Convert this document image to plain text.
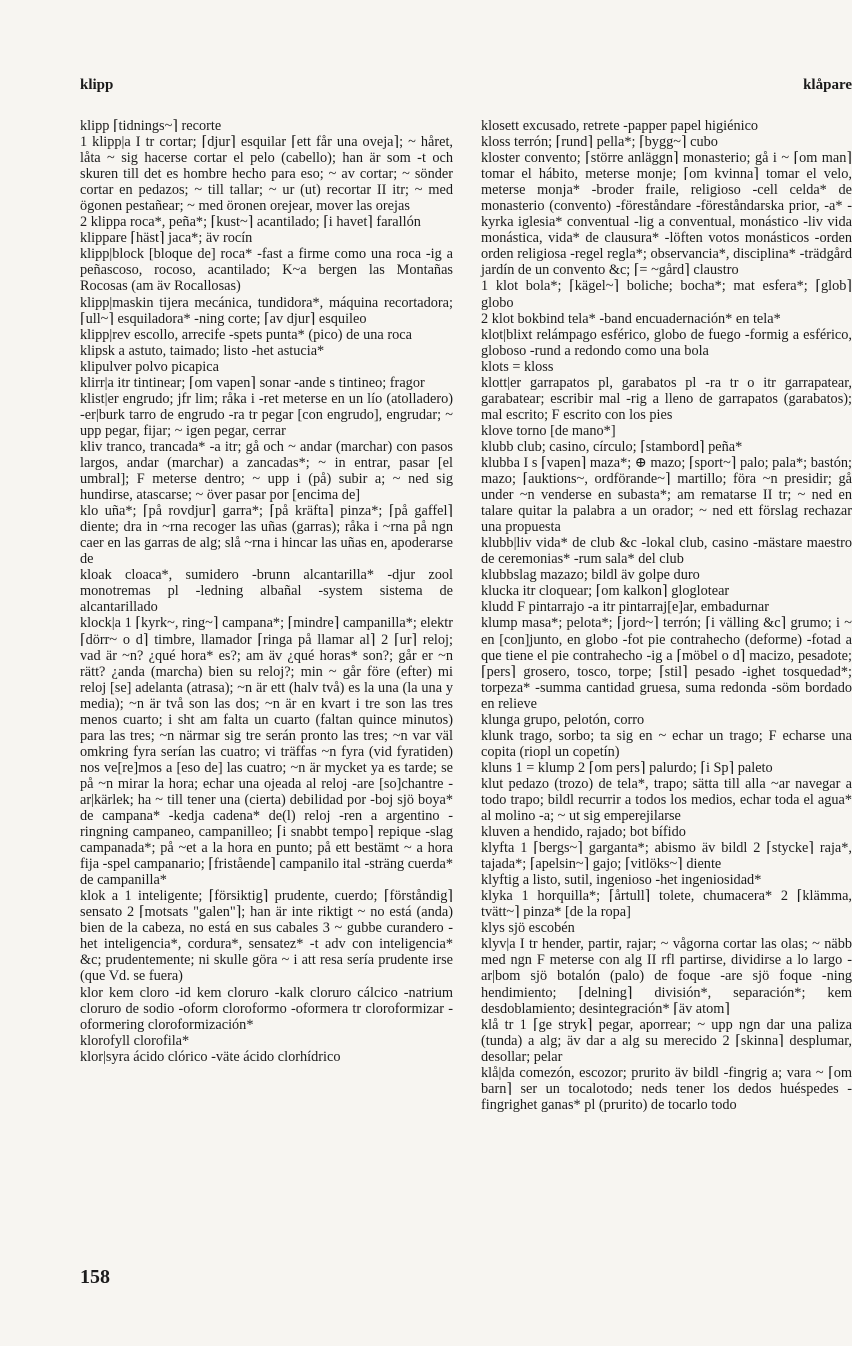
klipp	klåpare

klipp ⌈tidnings~⌉ recorte

1 klipp|a I tr cortar; ⌈djur⌉ esquilar ⌈ett får una oveja⌉; ~ håret, låta ~ sig hacerse cortar el pelo (cabello); han är som -t och skuren till det es hombre hecho para eso; ~ av cortar; ~ sönder cortar en pedazos; ~ till tallar; ~ ur (ut) recortar II itr; ~ med ögonen pestañear; ~ med öronen orejear, mover las orejas

2 klippa roca*, peña*; ⌈kust~⌉ acantilado; ⌈i havet⌉ farallón

klippare ⌈häst⌉ jaca*; äv rocín

klipp|block [bloque de] roca* -fast a firme como una roca -ig a peñascoso, rocoso, acantilado; K~a bergen las Montañas Rocosas (am äv Rocallosas)

klipp|maskin tijera mecánica, tundidora*, máquina recortadora; ⌈ull~⌉ esquiladora* -ning corte; ⌈av djur⌉ esquileo

klipp|rev escollo, arrecife -spets punta* (pico) de una roca

klipsk a astuto, taimado; listo -het astucia*

klipulver polvo picapica

klirr|a itr tintinear; ⌈om vapen⌉ sonar -ande s tintineo; fragor

klist|er engrudo; jfr lim; råka i -ret meterse en un lío (atolladero) -er|burk tarro de engrudo -ra tr pegar [con engrudo], engrudar; ~ upp pegar, fijar; ~ igen pegar, cerrar

kliv tranco, trancada* -a itr; gå och ~ andar (marchar) con pasos largos, andar (marchar) a zancadas*; ~ in entrar, pasar [el umbral]; F meterse dentro; ~ upp i (på) subir a; ~ ned sig hundirse, atascarse; ~ över pasar por [encima de]

klo uña*; ⌈på rovdjur⌉ garra*; ⌈på kräfta⌉ pinza*; ⌈på gaffel⌉ diente; dra in ~rna recoger las uñas (garras); råka i ~rna på ngn caer en las garras de alg; slå ~rna i hincar las uñas en, apoderarse de

kloak cloaca*, sumidero -brunn alcantarilla* -djur zool monotremas pl -ledning albañal -system sistema de alcantarillado

klock|a 1 ⌈kyrk~, ring~⌉ campana*; ⌈mindre⌉ campanilla*; elektr ⌈dörr~ o d⌉ timbre, llamador ⌈ringa på llamar al⌉ 2 ⌈ur⌉ reloj; vad är ~n? ¿qué hora* es?; am äv ¿qué horas* son?; går er ~n rätt? ¿anda (marcha) bien su reloj?; min ~ går före (efter) mi reloj [se] adelanta (atrasa); ~n är ett (halv två) es la una (la una y media); ~n är två son las dos; ~n är en kvart i tre son las tres menos cuarto; i sht am falta un cuarto (faltan quince minutos) para las tres; ~n närmar sig tre serán pronto las tres; ~n var väl omkring fyra serían las cuatro; vi träffas ~n fyra (vid fyratiden) nos ve[re]mos a [eso de] las cuatro; ~n är mycket ya es tarde; se på ~n mirar la hora; echar una ojeada al reloj -are [so]chantre -ar|kärlek; ha ~ till tener una (cierta) debilidad por -boj sjö boya* de campana* -kedja cadena* de(l) reloj -ren a argentino -ringning campaneo, campanilleo; ⌈i snabbt tempo⌉ repique -slag campanada*; på ~et a la hora en punto; på ett bestämt ~ a hora fija -spel campanario; ⌈fristående⌉ campanilo ital -sträng cuerda* de campanilla*

klok a 1 inteligente; ⌈försiktig⌉ prudente, cuerdo; ⌈förståndig⌉ sensato 2 ⌈motsats "galen"⌉; han är inte riktigt ~ no está (anda) bien de la cabeza, no está en sus cabales 3 ~ gubbe curandero -het inteligencia*, cordura*, sensatez* -t adv con inteligencia* &c; prudentemente; ni skulle göra ~ i att resa sería prudente irse (que Vd. se fuera)

klor kem cloro -id kem cloruro -kalk cloruro cálcico -natrium cloruro de sodio -oform cloroformo -oformera tr cloroformizar -oformering cloroformización*

klorofyll clorofila*

klor|syra ácido clórico -väte ácido clorhídrico

klosett excusado, retrete -papper papel higiénico

kloss terrón; ⌈rund⌉ pella*; ⌈bygg~⌉ cubo

kloster convento; ⌈större anläggn⌉ monasterio; gå i ~ ⌈om man⌉ tomar el hábito, meterse monje; ⌈om kvinna⌉ tomar el velo, meterse monja* -broder fraile, religioso -cell celda* de monasterio (convento) -föreståndare -föreståndarska prior, -a* -kyrka iglesia* conventual -lig a conventual, monástico -liv vida monástica, vida* de clausura* -löften votos monásticos -orden orden religiosa -regel regla*; observancia*, disciplina* -trädgård jardín de un convento &c; ⌈= ~gård⌉ claustro

1 klot bola*; ⌈kägel~⌉ boliche; bocha*; mat esfera*; ⌈glob⌉ globo

2 klot bokbind tela* -band encuadernación* en tela*

klot|blixt relámpago esférico, globo de fuego -formig a esférico, globoso -rund a redondo como una bola

klots = kloss

klott|er garrapatos pl, garabatos pl -ra tr o itr garrapatear, garabatear; escribir mal -rig a lleno de garrapatos (garabatos); mal escrito; F escrito con los pies

klove torno [de mano*]

klubb club; casino, círculo; ⌈stambord⌉ peña*

klubba I s ⌈vapen⌉ maza*; ⊕ mazo; ⌈sport~⌉ palo; pala*; bastón; mazo; ⌈auktions~, ordförande~⌉ martillo; föra ~n presidir; gå under ~n venderse en subasta*; am rematarse II tr; ~ ned en talare quitar la palabra a un orador; ~ ned ett förslag rechazar una propuesta

klubb|liv vida* de club &c -lokal club, casino -mästare maestro de ceremonias* -rum sala* del club

klubbslag mazazo; bildl äv golpe duro

klucka itr cloquear; ⌈om kalkon⌉ gloglotear

kludd F pintarrajo -a itr pintarraj[e]ar, embadurnar

klump masa*; pelota*; ⌈jord~⌉ terrón; ⌈i välling &c⌉ grumo; i ~ en [con]junto, en globo -fot pie contrahecho (deforme) -fotad a que tiene el pie contrahecho -ig a ⌈möbel o d⌉ macizo, pesadote; ⌈pers⌉ grosero, tosco, torpe; ⌈stil⌉ pesado -ighet tosquedad*; torpeza* -summa cantidad gruesa, suma redonda -söm bordado en relieve

klunga grupo, pelotón, corro

klunk trago, sorbo; ta sig en ~ echar un trago; F echarse una copita (riopl un copetín)

kluns 1 = klump 2 ⌈om pers⌉ palurdo; ⌈i Sp⌉ paleto

klut pedazo (trozo) de tela*, trapo; sätta till alla ~ar navegar a todo trapo; bildl recurrir a todos los medios, echar toda el agua* al molino -a; ~ ut sig emperejilarse

kluven a hendido, rajado; bot bífido

klyfta 1 ⌈bergs~⌉ garganta*; abismo äv bildl 2 ⌈stycke⌉ raja*, tajada*; ⌈apelsin~⌉ gajo; ⌈vitlöks~⌉ diente

klyftig a listo, sutil, ingenioso -het ingeniosidad*

klyka 1 horquilla*; ⌈årtull⌉ tolete, chumacera* 2 ⌈klämma, tvätt~⌉ pinza* [de la ropa]

klys sjö escobén

klyv|a I tr hender, partir, rajar; ~ vågorna cortar las olas; ~ näbb med ngn F meterse con alg II rfl partirse, dividirse a lo largo -ar|bom sjö botalón (palo) de foque -are sjö foque -ning hendimiento; ⌈delning⌉ división*, separación*; kem desdoblamiento; desintegración* ⌈äv atom⌉

klå tr 1 ⌈ge stryk⌉ pegar, aporrear; ~ upp ngn dar una paliza (tunda) a alg; äv dar a alg su merecido 2 ⌈skinna⌉ desplumar, desollar; pelar

klå|da comezón, escozor; prurito äv bildl -fingrig a; vara ~ ⌈om barn⌉ ser un tocalotodo; neds tener los dedos huéspedes -fingrighet ganas* pl (prurito) de tocarlo todo

158
